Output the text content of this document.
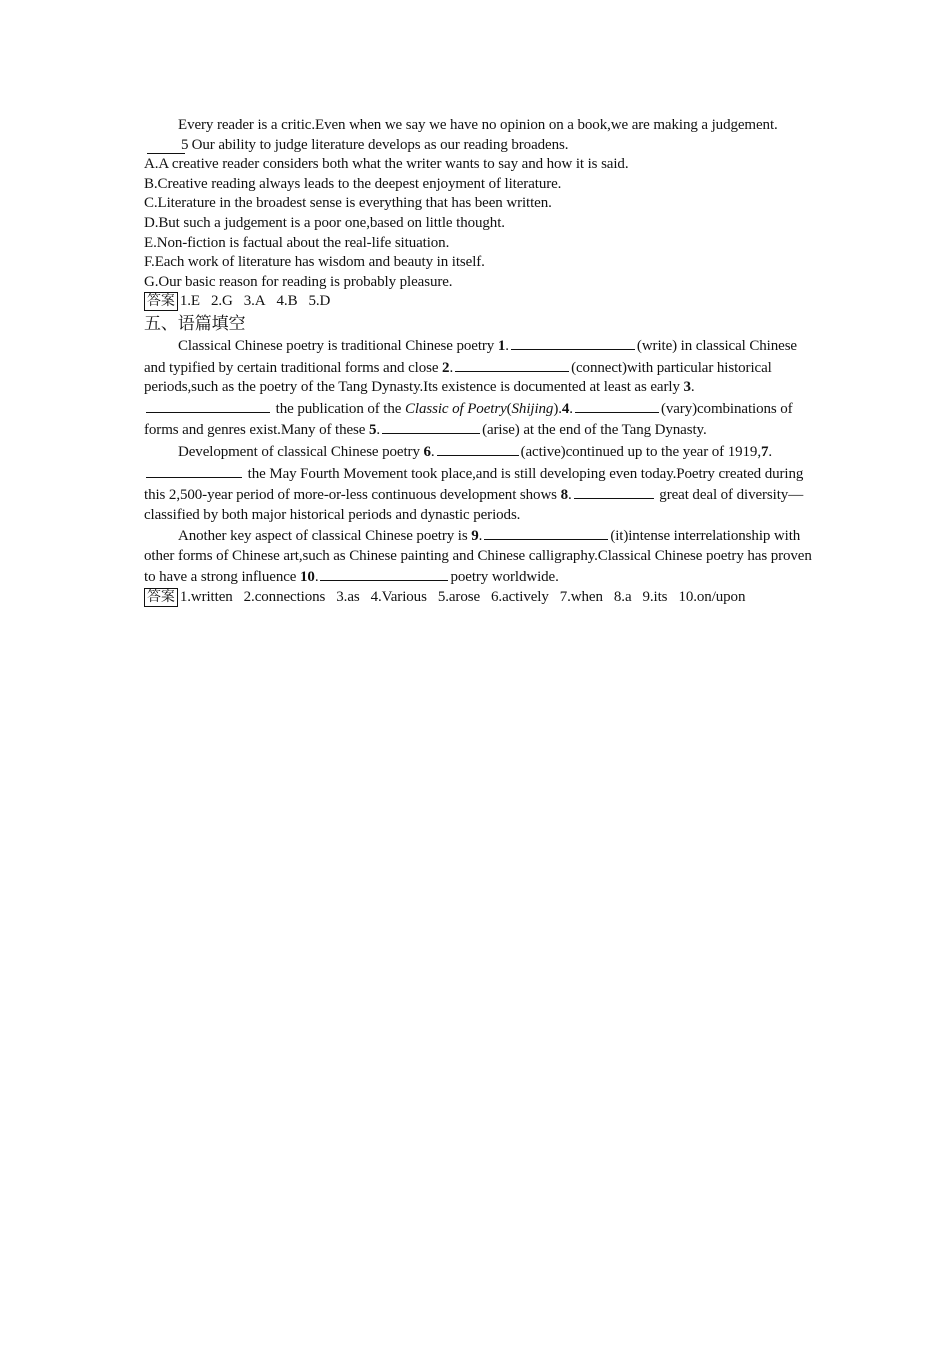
Every reader is a critic.Even when we say we have no opinion on a book,we are making a judgement.5 Our ability to judge literature develops as our reading broadens.

A.A creative reader considers both what the writer wants to say and how it is said.

B.Creative reading always leads to the deepest enjoyment of literature.

C.Literature in the broadest sense is everything that has been written.

D.But such a judgement is a poor one,based on little thought.

E.Non-fiction is factual about the real-life situation.

F.Each work of literature has wisdom and beauty in itself.

G.Our basic reason for reading is probably pleasure.

答案 1.E 2.G 3.A 4.B 5.D

五、语篇填空

Classical Chinese poetry is traditional Chinese poetry 1.	(write) in classical Chinese and typified by certain traditional forms and close 2.	(connect)with particular historical periods,such as the poetry of the Tang Dynasty.Its existence is documented at least as early 3. the publication of the Classic of Poetry(Shijing).4.	(vary)combinations of forms and genres exist.Many of these 5.	(arise) at the end of the Tang Dynasty.

Development of classical Chinese poetry 6.	(active)continued up to the year of 1919,7. the May Fourth Movement took place,and is still developing even today.Poetry created during this 2,500-year period of more-or-less continuous development shows 8.	great deal of diversity—classified by both major historical periods and dynastic periods.

Another key aspect of classical Chinese poetry is 9.	(it)intense interrelationship with other forms of Chinese art,such as Chinese painting and Chinese calligraphy.Classical Chinese poetry has proven to have a strong influence 10.	poetry worldwide.

答案 1.written 2.connections 3.as 4.Various 5.arose 6.actively 7.when 8.a 9.its 10.on/upon
